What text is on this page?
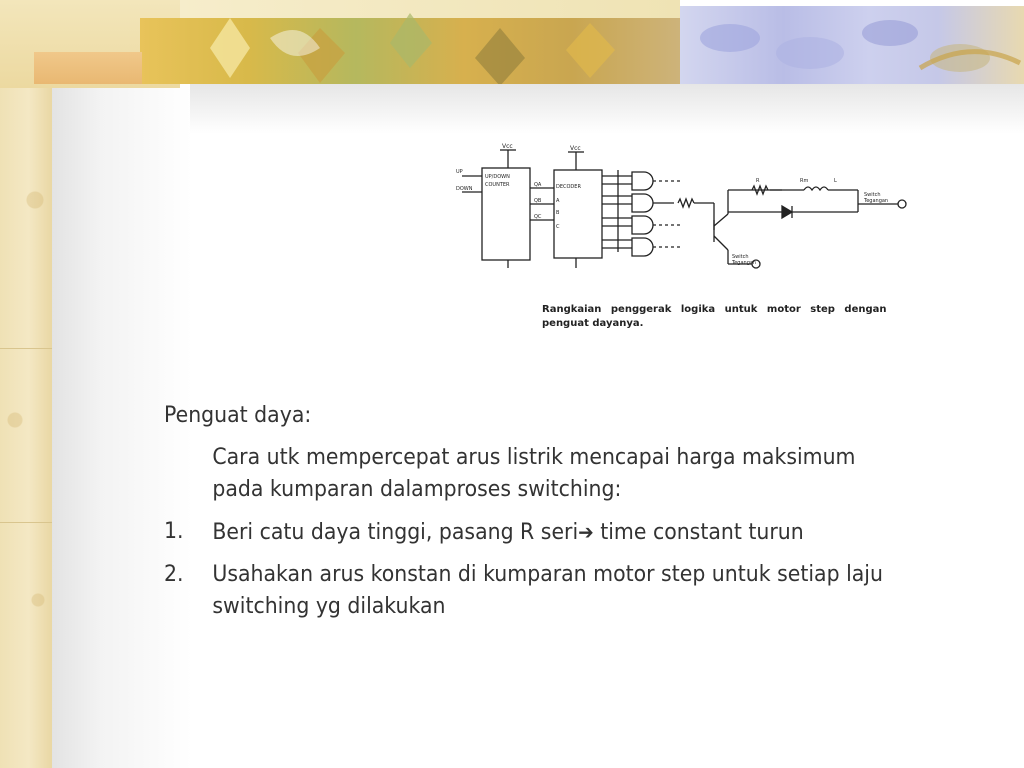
Vcc	Vcc
UP/DOWN
COUNTER	DECODER
UP
DOWN
QA
QB
QC
A
B
C
R	Rm	L
Switch
Tegangan
Switch
Tegangan
Rangkaian penggerak logika untuk motor step dengan
penguat dayanya.

Penguat daya:

Cara utk mempercepat arus listrik mencapai harga maksimum pada kumparan dalamproses switching:

1. Beri catu daya tinggi, pasang R seri➔ time constant turun
2. Usahakan arus konstan di kumparan motor step untuk setiap laju switching yg dilakukan
